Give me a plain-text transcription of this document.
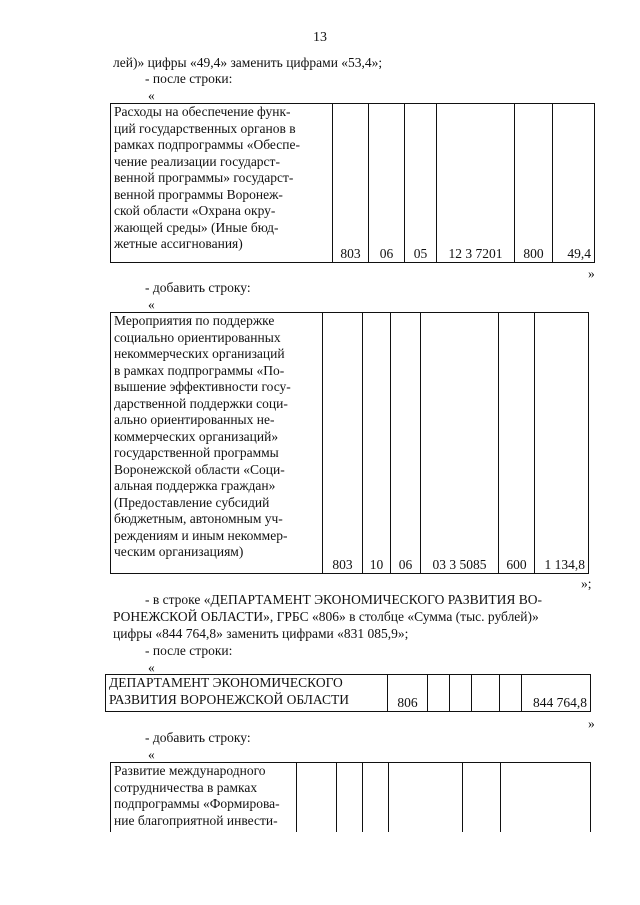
13
лей)» цифры «49,4» заменить цифрами «53,4»;
- после строки:
«
Расходы на обеспечение функ-
ций государственных органов в
рамках подпрограммы «Обеспе-
чение реализации государст-
венной программы» государст-
венной программы Воронеж-
ской области «Охрана окру-
жающей среды» (Иные бюд-
жетные ассигнования)
	803	06	05	12 3 7201	800	49,4
»
- добавить строку:
«
Мероприятия по поддержке
социально ориентированных
некоммерческих организаций
в рамках подпрограммы «По-
вышение эффективности госу-
дарственной поддержки соци-
ально ориентированных не-
коммерческих организаций»
государственной программы
Воронежской области «Соци-
альная поддержка граждан»
(Предоставление субсидий
бюджетным, автономным уч-
реждениям и иным некоммер-
ческим организациям)
	803	10	06	03 3 5085	600	1 134,8
»;
- в строке «ДЕПАРТАМЕНТ ЭКОНОМИЧЕСКОГО РАЗВИТИЯ ВО-
РОНЕЖСКОЙ ОБЛАСТИ», ГРБС «806» в столбце «Сумма (тыс. рублей)»
цифры «844 764,8» заменить цифрами «831 085,9»;
- после строки:
«
ДЕПАРТАМЕНТ ЭКОНОМИЧЕСКОГО
РАЗВИТИЯ ВОРОНЕЖСКОЙ ОБЛАСТИ	806					844 764,8
»
- добавить строку:
«
Развитие международного
сотрудничества в рамках
подпрограммы «Формирова-
ние благоприятной инвести-
